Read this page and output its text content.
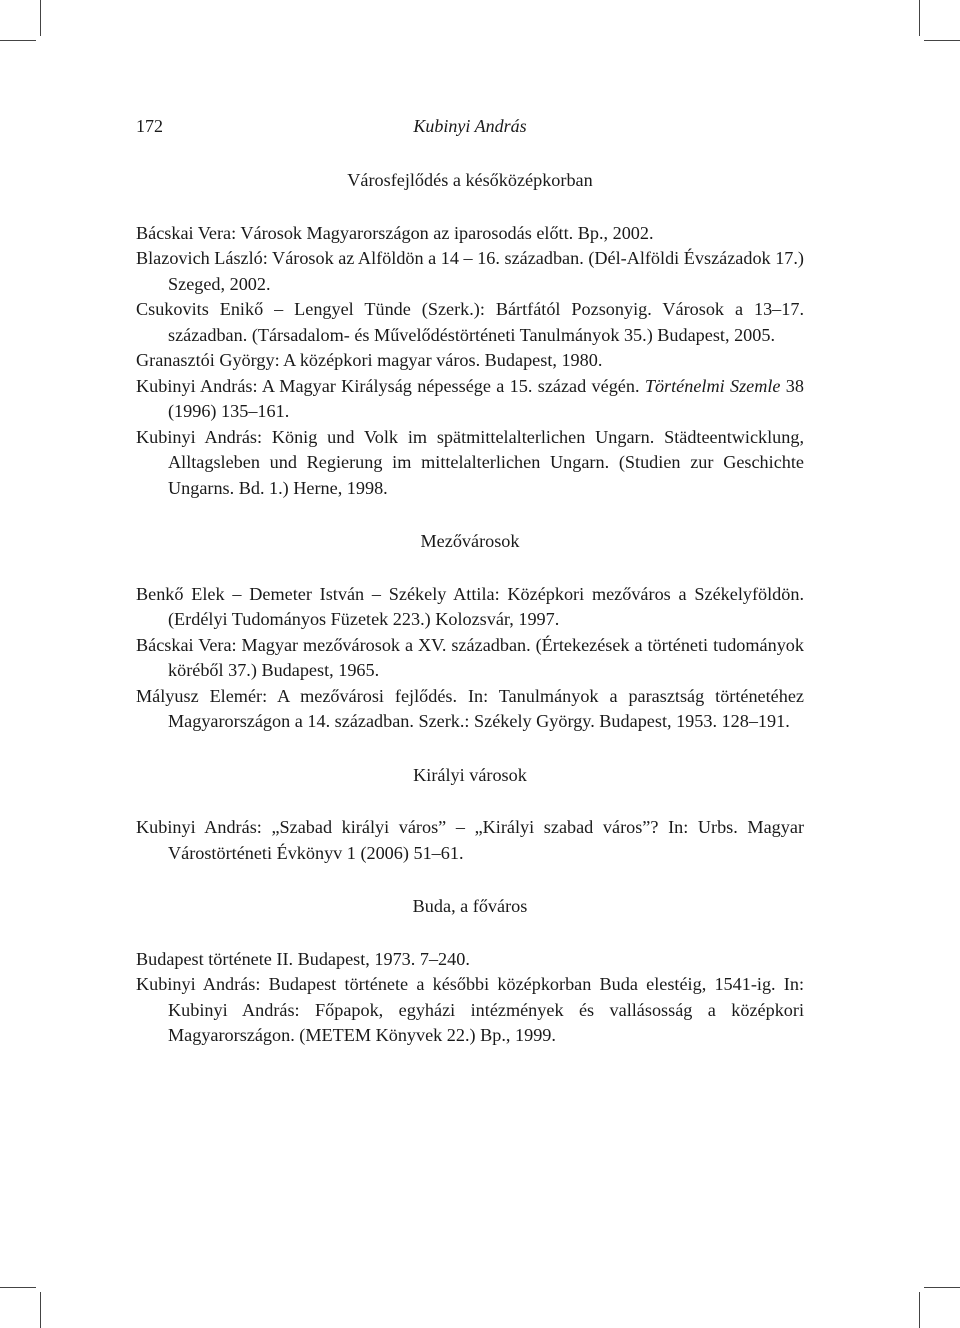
172	Kubinyi András
Városfejlődés a későközépkorban
Bácskai Vera: Városok Magyarországon az iparosodás előtt. Bp., 2002.
Blazovich László: Városok az Alföldön a 14 – 16. században. (Dél-Alföldi Évszázadok 17.) Szeged, 2002.
Csukovits Enikő – Lengyel Tünde (Szerk.): Bártfától Pozsonyig. Városok a 13–17. században. (Társadalom- és Művelődéstörténeti Tanulmányok 35.) Budapest, 2005.
Granasztói György: A középkori magyar város. Budapest, 1980.
Kubinyi András: A Magyar Királyság népessége a 15. század végén. Történelmi Szemle 38 (1996) 135–161.
Kubinyi András: König und Volk im spätmittelalterlichen Ungarn. Städteentwicklung, Alltagsleben und Regierung im mittelalterlichen Ungarn. (Studien zur Geschichte Ungarns. Bd. 1.) Herne, 1998.
Mezővárosok
Benkő Elek – Demeter István – Székely Attila: Középkori mezőváros a Székelyföldön. (Erdélyi Tudományos Füzetek 223.) Kolozsvár, 1997.
Bácskai Vera: Magyar mezővárosok a XV. században. (Értekezések a történeti tudományok köréből 37.) Budapest, 1965.
Mályusz Elemér: A mezővárosi fejlődés. In: Tanulmányok a parasztság történetéhez Magyarországon a 14. században. Szerk.: Székely György. Budapest, 1953. 128–191.
Királyi városok
Kubinyi András: „Szabad királyi város” – „Királyi szabad város”? In: Urbs. Magyar Várostörténeti Évkönyv 1 (2006) 51–61.
Buda, a főváros
Budapest története II. Budapest, 1973. 7–240.
Kubinyi András: Budapest története a későbbi középkorban Buda elestéig, 1541-ig. In: Kubinyi András: Főpapok, egyházi intézmények és vallásosság a középkori Magyarországon. (METEM Könyvek 22.) Bp., 1999.
